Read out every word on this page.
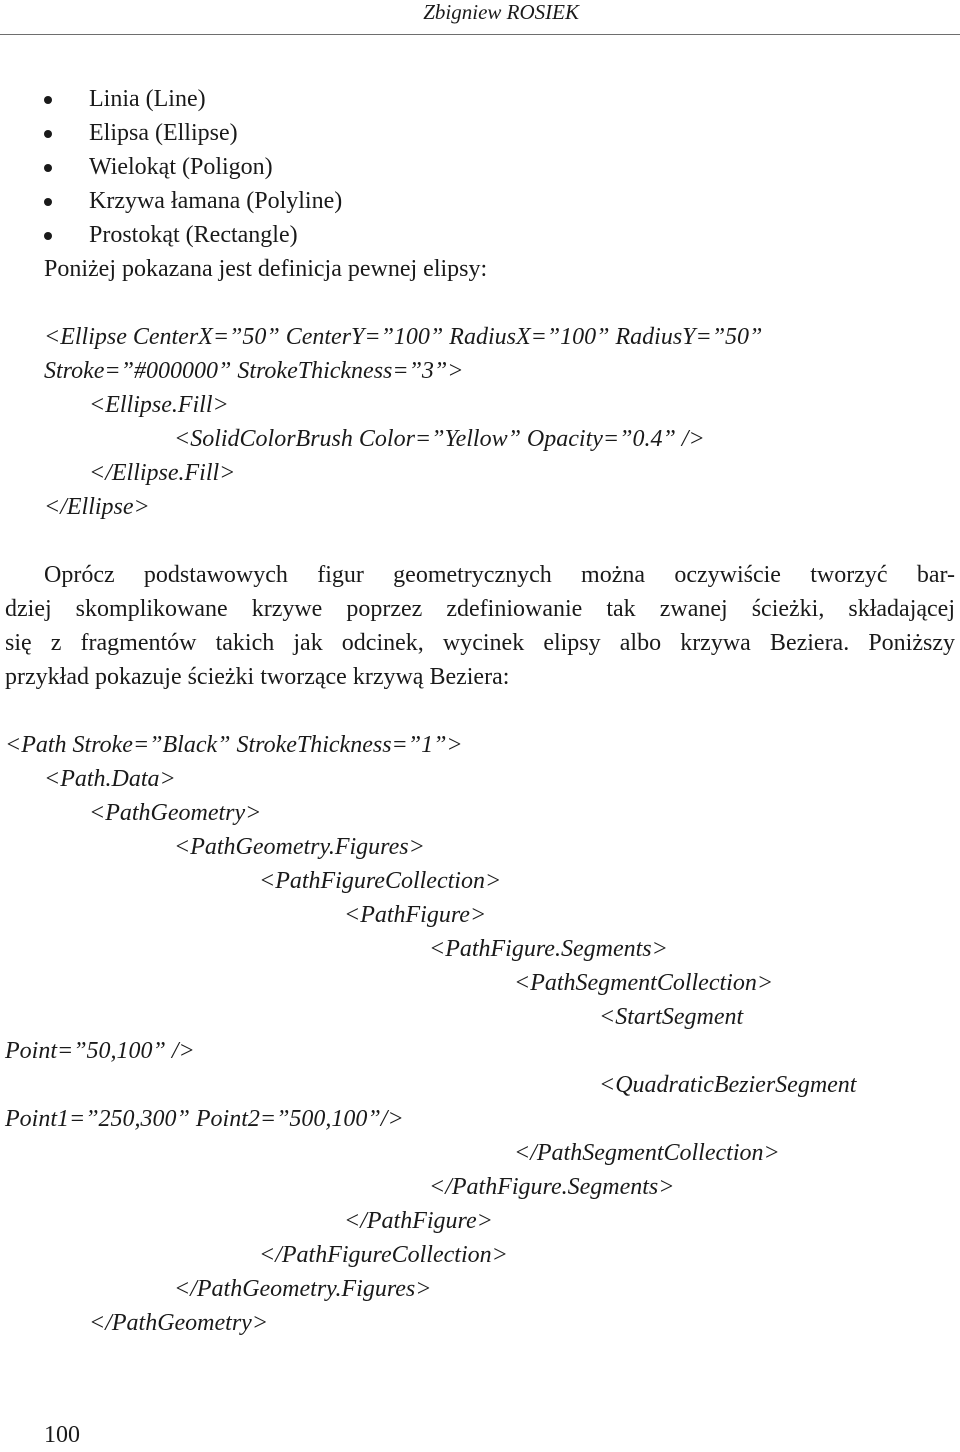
Zbigniew ROSIEK
Linia (Line)
Elipsa (Ellipse)
Wielokąt (Poligon)
Krzywa łamana (Polyline)
Prostokąt (Rectangle)

Poniżej pokazana jest definicja pewnej elipsy:

<Ellipse CenterX=”50” CenterY=”100” RadiusX=”100” RadiusY=”50”

Stroke=”#000000” StrokeThickness=”3”>

<Ellipse.Fill>

<SolidColorBrush Color=”Yellow” Opacity=”0.4” />

</Ellipse.Fill>

</Ellipse>

Oprócz podstawowych figur geometrycznych można oczywiście tworzyć bar-
dziej skomplikowane krzywe poprzez zdefiniowanie tak zwanej ścieżki, składającej
się z fragmentów takich jak odcinek, wycinek elipsy albo krzywa Beziera. Poniższy
przykład pokazuje ścieżki tworzące krzywą Beziera:

<Path Stroke=”Black” StrokeThickness=”1”>

<Path.Data>

<PathGeometry>

<PathGeometry.Figures>

<PathFigureCollection>

<PathFigure>

<PathFigure.Segments>

<PathSegmentCollection>

<StartSegment

Point=”50,100” />

<QuadraticBezierSegment

Point1=”250,300” Point2=”500,100”/>

</PathSegmentCollection>

</PathFigure.Segments>

</PathFigure>

</PathFigureCollection>

</PathGeometry.Figures>

</PathGeometry>

100
